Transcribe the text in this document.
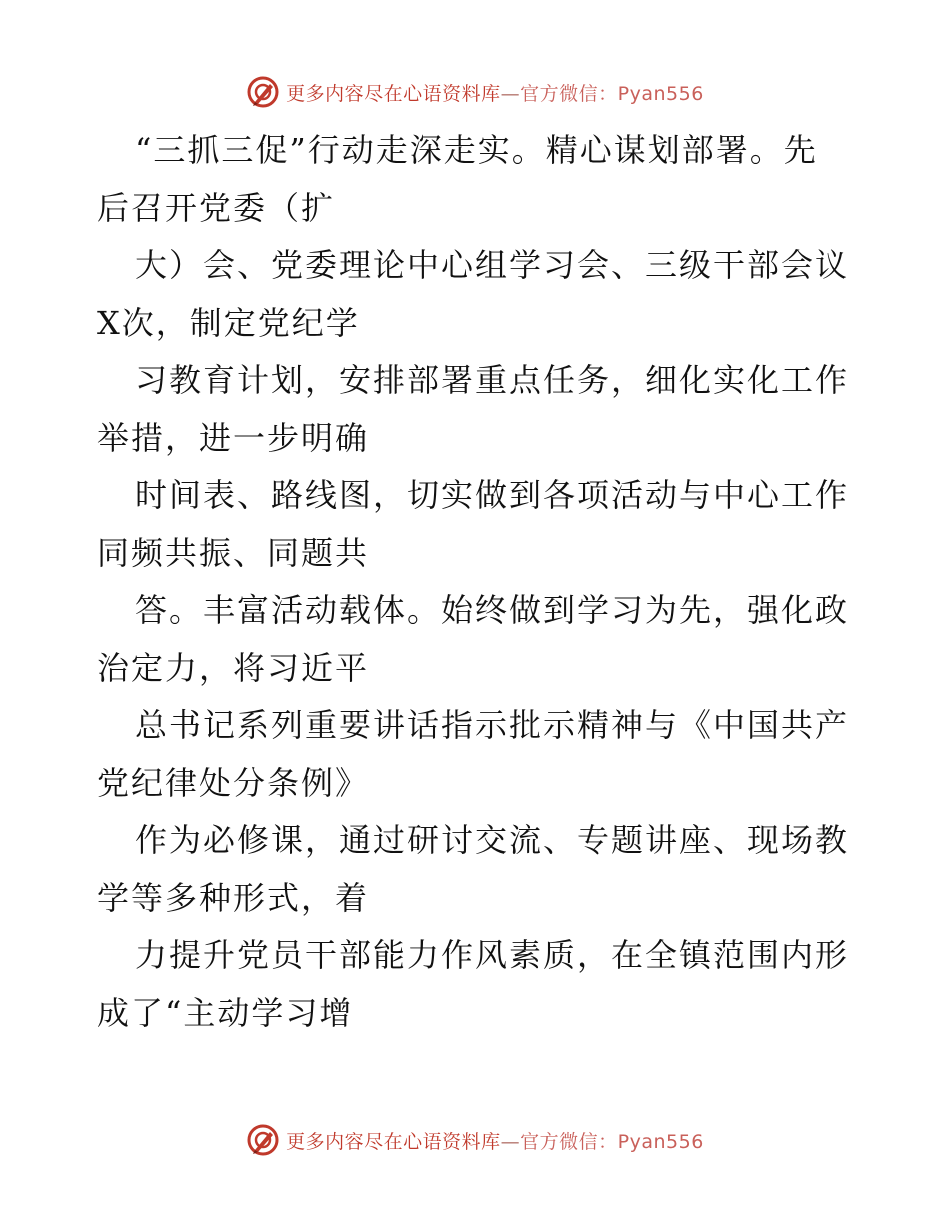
更多内容尽在心语资料库—官方微信：Pyan556
“三抓三促”行动走深走实。精心谋划部署。先
后召开党委（扩
大）会、党委理论中心组学习会、三级干部会议
X次，制定党纪学
习教育计划，安排部署重点任务，细化实化工作
举措，进一步明确
时间表、路线图，切实做到各项活动与中心工作
同频共振、同题共
答。丰富活动载体。始终做到学习为先，强化政
治定力，将习近平
总书记系列重要讲话指示批示精神与《中国共产
党纪律处分条例》
作为必修课，通过研讨交流、专题讲座、现场教
学等多种形式，着
力提升党员干部能力作风素质，在全镇范围内形
成了“主动学习增
更多内容尽在心语资料库—官方微信：Pyan556
